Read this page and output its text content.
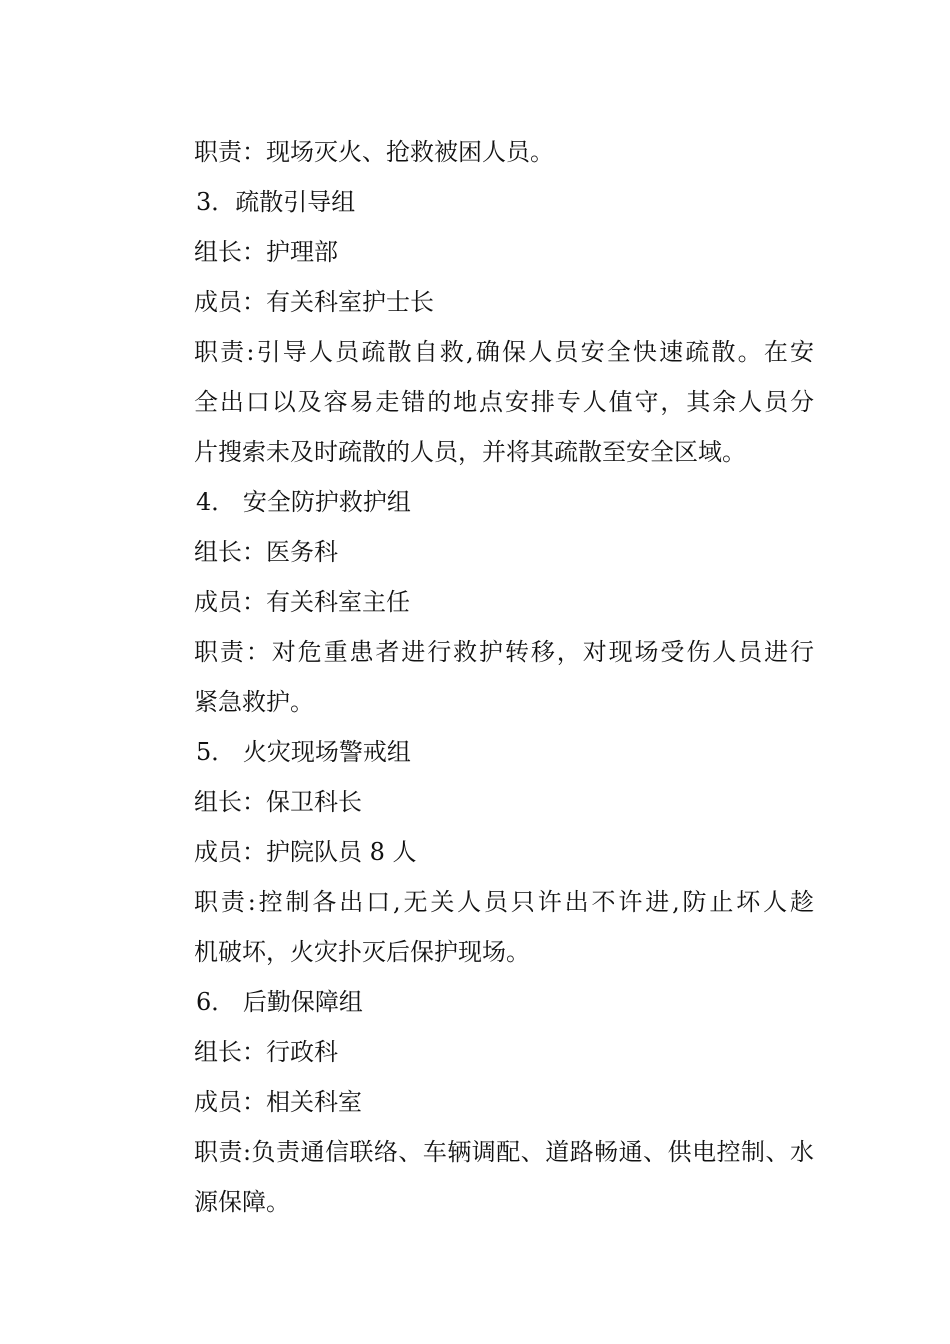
职责：现场灭火、抢救被困人员。
3．疏散引导组
组长：护理部
成员：有关科室护士长
职责:引导人员疏散自救,确保人员安全快速疏散。在安
全出口以及容易走错的地点安排专人值守，其余人员分
片搜索未及时疏散的人员，并将其疏散至安全区域。
4． 安全防护救护组
组长：医务科
成员：有关科室主任
职责：对危重患者进行救护转移，对现场受伤人员进行
紧急救护。
5． 火灾现场警戒组
组长：保卫科长
成员：护院队员 8 人
职责:控制各出口,无关人员只许出不许进,防止坏人趁
机破坏，火灾扑灭后保护现场。
6． 后勤保障组
组长：行政科
成员：相关科室
职责:负责通信联络、车辆调配、道路畅通、供电控制、水
源保障。
